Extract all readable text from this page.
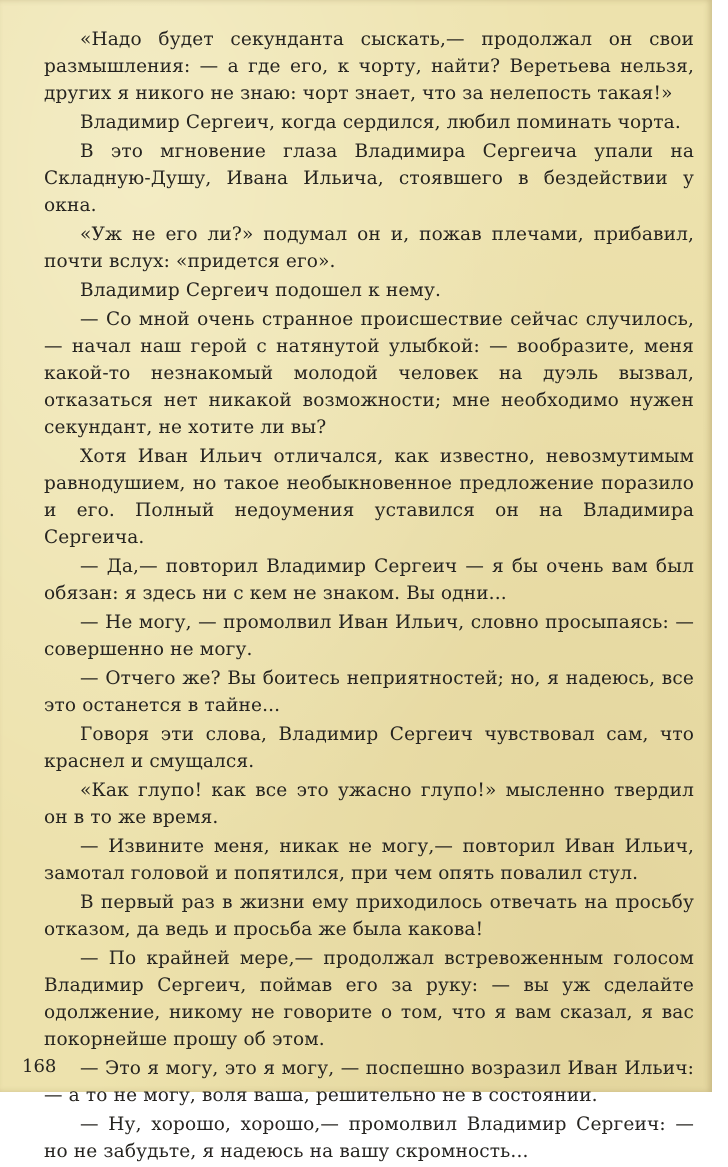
«Надо будет секунданта сыскать,— продолжал он свои размышления: — а где его, к чорту, найти? Веретьева нельзя, других я никого не знаю: чорт знает, что за нелепость такая!»

Владимир Сергеич, когда сердился, любил поминать чорта.

В это мгновение глаза Владимира Сергеича упали на Складную-Душу, Ивана Ильича, стоявшего в бездействии у окна.

«Уж не его ли?» подумал он и, пожав плечами, прибавил, почти вслух: «придется его».

Владимир Сергеич подошел к нему.

— Со мной очень странное происшествие сейчас случилось,— начал наш герой с натянутой улыбкой: — вообразите, меня какой-то незнакомый молодой человек на дуэль вызвал, отказаться нет никакой возможности; мне необходимо нужен секундант, не хотите ли вы?

Хотя Иван Ильич отличался, как известно, невозмутимым равнодушием, но такое необыкновенное предложение поразило и его. Полный недоумения уставился он на Владимира Сергеича.

— Да,— повторил Владимир Сергеич — я бы очень вам был обязан: я здесь ни с кем не знаком. Вы одни...

— Не могу, — промолвил Иван Ильич, словно просыпаясь: — совершенно не могу.

— Отчего же? Вы боитесь неприятностей; но, я надеюсь, все это останется в тайне...

Говоря эти слова, Владимир Сергеич чувствовал сам, что краснел и смущался.

«Как глупо! как все это ужасно глупо!» мысленно твердил он в то же время.

— Извините меня, никак не могу,— повторил Иван Ильич, замотал головой и попятился, при чем опять повалил стул.

В первый раз в жизни ему приходилось отвечать на просьбу отказом, да ведь и просьба же была какова!

— По крайней мере,— продолжал встревоженным голосом Владимир Сергеич, поймав его за руку: — вы уж сделайте одолжение, никому не говорите о том, что я вам сказал, я вас покорнейше прошу об этом.

— Это я могу, это я могу, — поспешно возразил Иван Ильич: — а то не могу, воля ваша, решительно не в состоянии.

— Ну, хорошо, хорошо,— промолвил Владимир Сергеич: — но не забудьте, я надеюсь на вашу скромность...

168
